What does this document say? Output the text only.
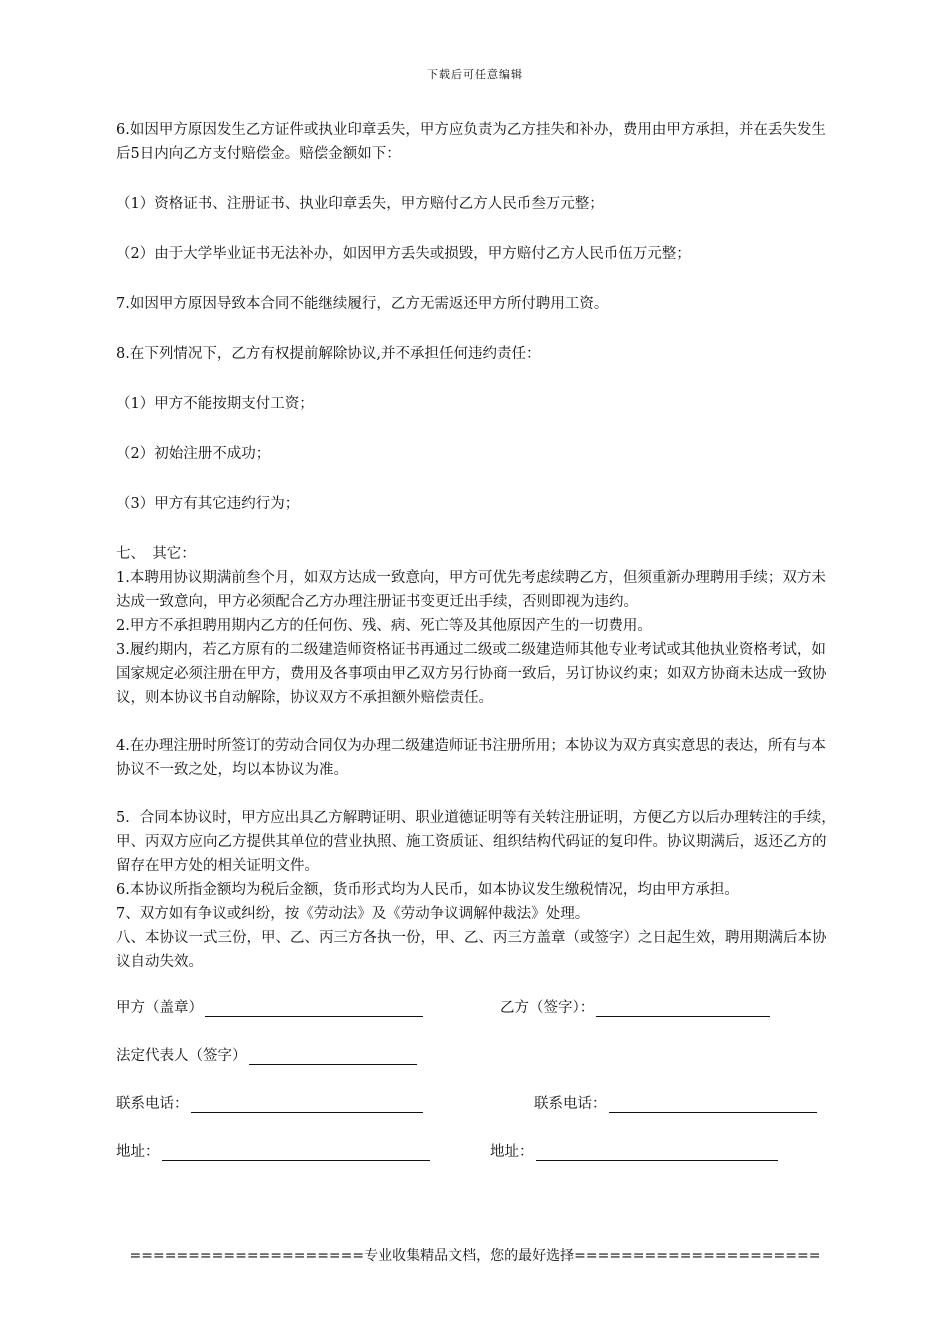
下载后可任意编辑

6.如因甲方原因发生乙方证件或执业印章丢失，甲方应负责为乙方挂失和补办，费用由甲方承担，并在丢失发生后5日内向乙方支付赔偿金。赔偿金额如下：

（1）资格证书、注册证书、执业印章丢失，甲方赔付乙方人民币叁万元整；

（2）由于大学毕业证书无法补办，如因甲方丢失或损毁，甲方赔付乙方人民币伍万元整；

7.如因甲方原因导致本合同不能继续履行，乙方无需返还甲方所付聘用工资。

8.在下列情况下，乙方有权提前解除协议,并不承担任何违约责任：

（1）甲方不能按期支付工资；

（2）初始注册不成功；

（3）甲方有其它违约行为；

七、　其它：

1.本聘用协议期满前叁个月，如双方达成一致意向，甲方可优先考虑续聘乙方，但须重新办理聘用手续；双方未达成一致意向，甲方必须配合乙方办理注册证书变更迁出手续，否则即视为违约。

2.甲方不承担聘用期内乙方的任何伤、残、病、死亡等及其他原因产生的一切费用。

3.履约期内，若乙方原有的二级建造师资格证书再通过二级或二级建造师其他专业考试或其他执业资格考试，如国家规定必须注册在甲方，费用及各事项由甲乙双方另行协商一致后，另订协议约束；如双方协商未达成一致协议，则本协议书自动解除，协议双方不承担额外赔偿责任。

4.在办理注册时所签订的劳动合同仅为办理二级建造师证书注册所用；本协议为双方真实意思的表达，所有与本协议不一致之处，均以本协议为准。

5．合同本协议时，甲方应出具乙方解聘证明、职业道德证明等有关转注册证明，方便乙方以后办理转注的手续，甲、丙双方应向乙方提供其单位的营业执照、施工资质证、组织结构代码证的复印件。协议期满后，返还乙方的留存在甲方处的相关证明文件。

6.本协议所指金额均为税后金额，货币形式均为人民币，如本协议发生缴税情况，均由甲方承担。

7、双方如有争议或纠纷，按《劳动法》及《劳动争议调解仲裁法》处理。

八、本协议一式三份，甲、乙、丙三方各执一份，甲、乙、丙三方盖章（或签字）之日起生效，聘用期满后本协议自动失效。

甲方（盖章）	乙方（签字）：
法定代表人（签字）
联系电话：	联系电话：
地址：	地址：
====================专业收集精品文档，您的最好选择=====================
